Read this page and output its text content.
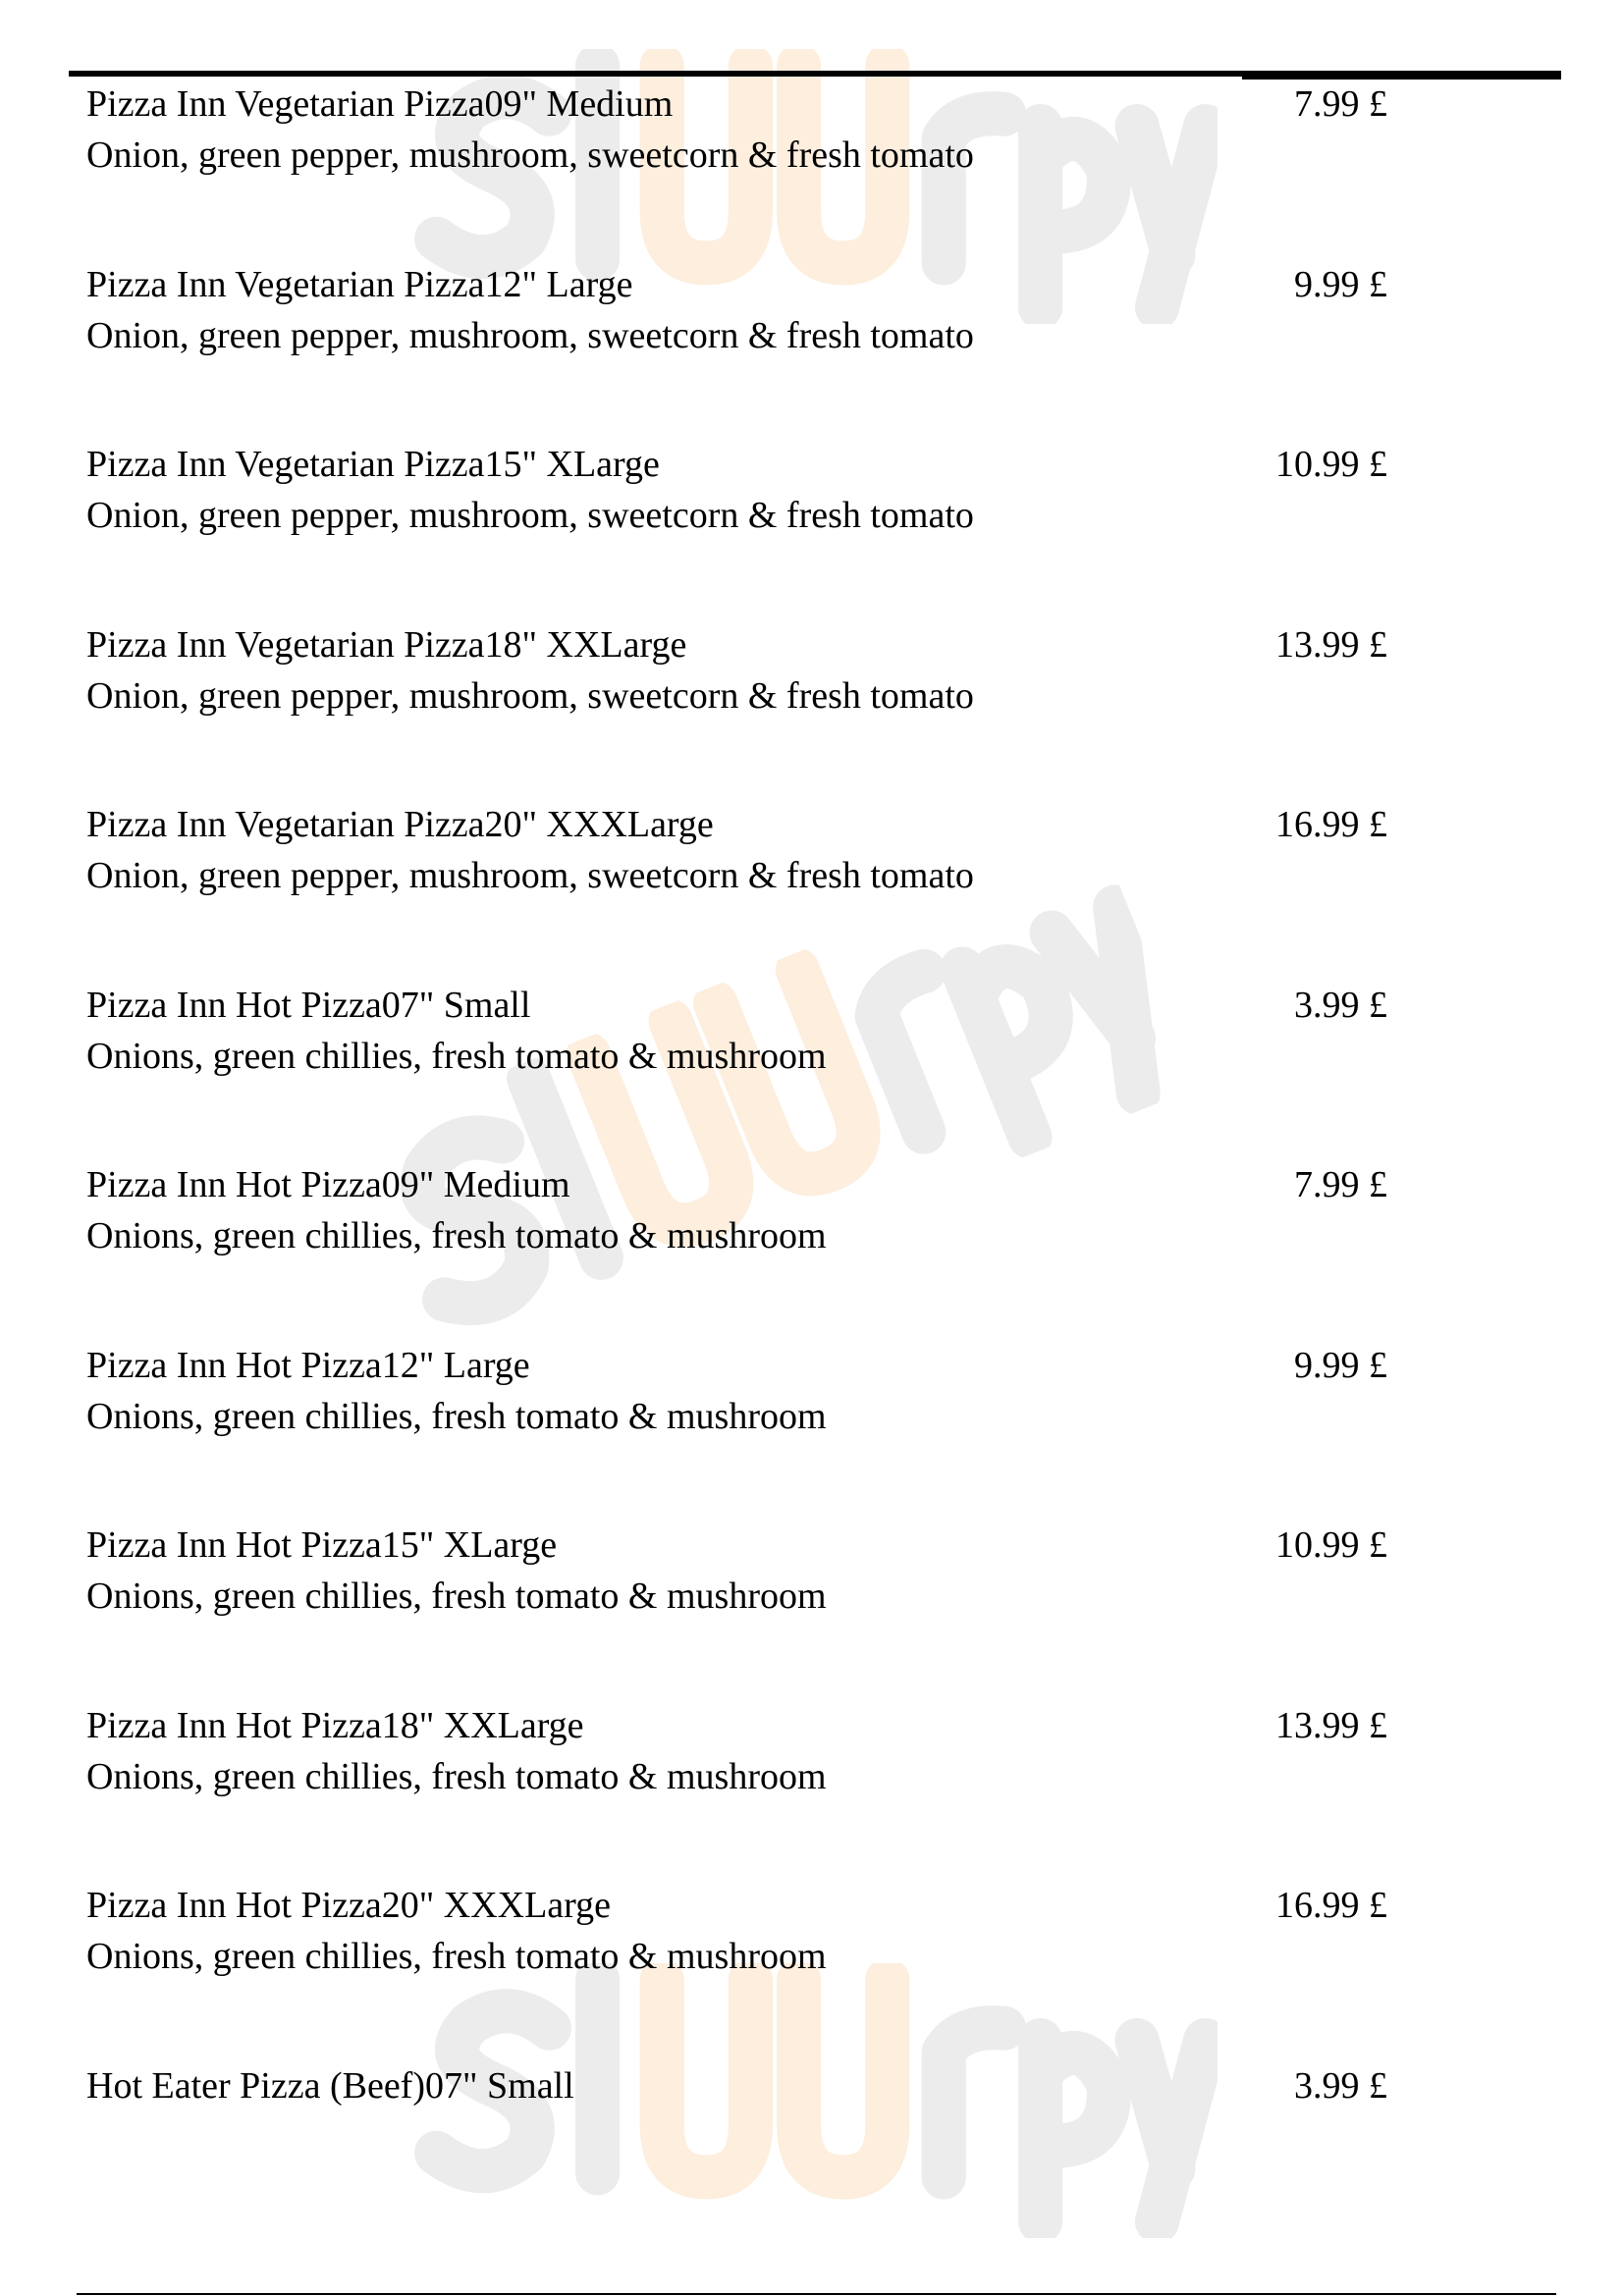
Pizza Inn Vegetarian Pizza09" Medium
Onion, green pepper, mushroom, sweetcorn & fresh tomato
7.99 £
Pizza Inn Vegetarian Pizza12" Large
Onion, green pepper, mushroom, sweetcorn & fresh tomato
9.99 £
Pizza Inn Vegetarian Pizza15" XLarge
Onion, green pepper, mushroom, sweetcorn & fresh tomato
10.99 £
Pizza Inn Vegetarian Pizza18" XXLarge
Onion, green pepper, mushroom, sweetcorn & fresh tomato
13.99 £
Pizza Inn Vegetarian Pizza20" XXXLarge
Onion, green pepper, mushroom, sweetcorn & fresh tomato
16.99 £
Pizza Inn Hot Pizza07" Small
Onions, green chillies, fresh tomato & mushroom
3.99 £
Pizza Inn Hot Pizza09" Medium
Onions, green chillies, fresh tomato & mushroom
7.99 £
Pizza Inn Hot Pizza12" Large
Onions, green chillies, fresh tomato & mushroom
9.99 £
Pizza Inn Hot Pizza15" XLarge
Onions, green chillies, fresh tomato & mushroom
10.99 £
Pizza Inn Hot Pizza18" XXLarge
Onions, green chillies, fresh tomato & mushroom
13.99 £
Pizza Inn Hot Pizza20" XXXLarge
Onions, green chillies, fresh tomato & mushroom
16.99 £
Hot Eater Pizza (Beef)07" Small	3.99 £
